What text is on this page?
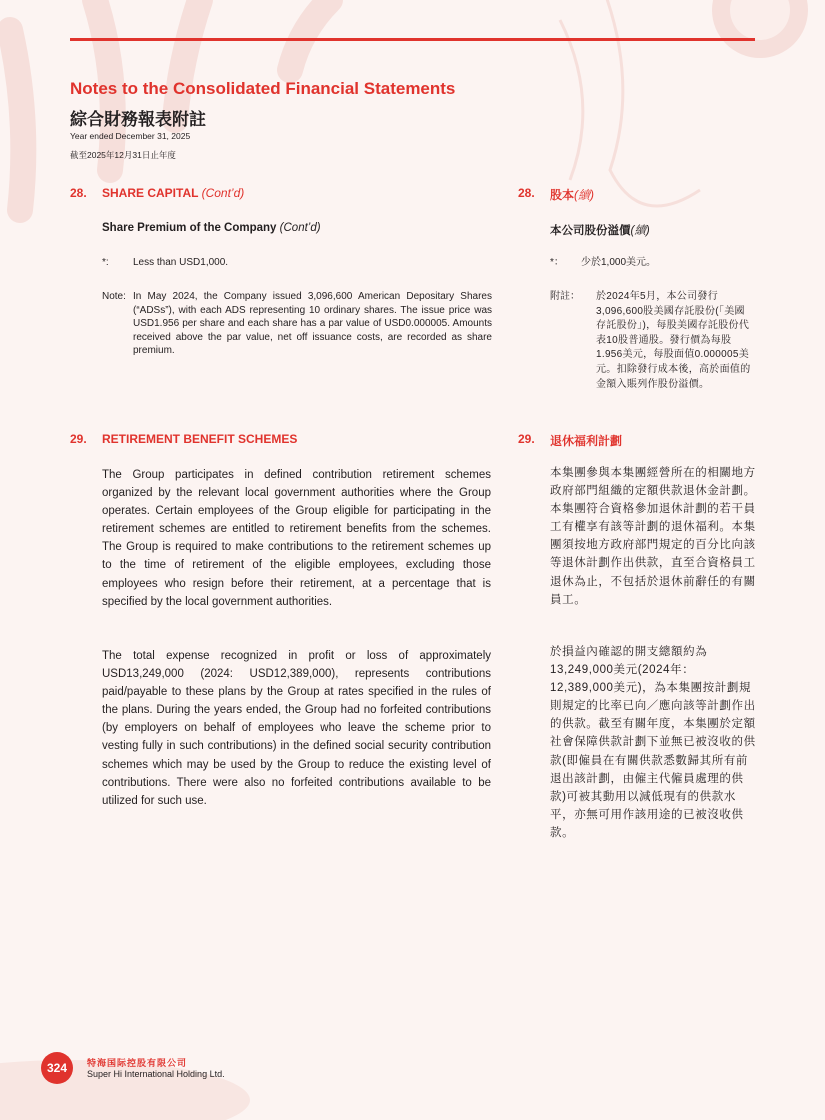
Notes to the Consolidated Financial Statements
綜合財務報表附註
Year ended December 31, 2025
截至2025年12月31日止年度
28. SHARE CAPITAL (Cont’d)
Share Premium of the Company (Cont’d)
*: Less than USD1,000.
Note: In May 2024, the Company issued 3,096,600 American Depositary Shares (“ADSs”), with each ADS representing 10 ordinary shares. The issue price was USD1.956 per share and each share has a par value of USD0.000005. Amounts received above the par value, net off issuance costs, are recorded as share premium.
28. 股本(續)
本公司股份溢價(續)
*： 少於1,000美元。
附註：	於2024年5月，本公司發行3,096,600股美國存託股份(「美國存託股份」)，每股美國存託股份代表10股普通股。發行價為每股1.956美元，每股面值0.000005美元。扣除發行成本後，高於面值的金額入賬列作股份溢價。
29. RETIREMENT BENEFIT SCHEMES
The Group participates in defined contribution retirement schemes organized by the relevant local government authorities where the Group operates. Certain employees of the Group eligible for participating in the retirement schemes are entitled to retirement benefits from the schemes. The Group is required to make contributions to the retirement schemes up to the time of retirement of the eligible employees, excluding those employees who resign before their retirement, at a percentage that is specified by the local government authorities.
The total expense recognized in profit or loss of approximately USD13,249,000 (2024: USD12,389,000), represents contributions paid/payable to these plans by the Group at rates specified in the rules of the plans. During the years ended, the Group had no forfeited contributions (by employers on behalf of employees who leave the scheme prior to vesting fully in such contributions) in the defined social security contribution schemes which may be used by the Group to reduce the existing level of contributions. There were also no forfeited contributions available to be utilized for such use.
29. 退休福利計劃
本集團參與本集團經營所在的相關地方政府部門組織的定額供款退休金計劃。本集團符合資格參加退休計劃的若干員工有權享有該等計劃的退休福利。本集團須按地方政府部門規定的百分比向該等退休計劃作出供款，直至合資格員工退休為止，不包括於退休前辭任的有關員工。
於損益內確認的開支總額約為13,249,000美元(2024年：12,389,000美元)，為本集團按計劃規則規定的比率已向／應向該等計劃作出的供款。截至有關年度，本集團於定額社會保障供款計劃下並無已被沒收的供款(即僱員在有關供款悉數歸其所有前退出該計劃，由僱主代僱員處理的供款)可被其動用以減低現有的供款水平，亦無可用作該用途的已被沒收供款。
324	特海国际控股有限公司
Super Hi International Holding Ltd.
